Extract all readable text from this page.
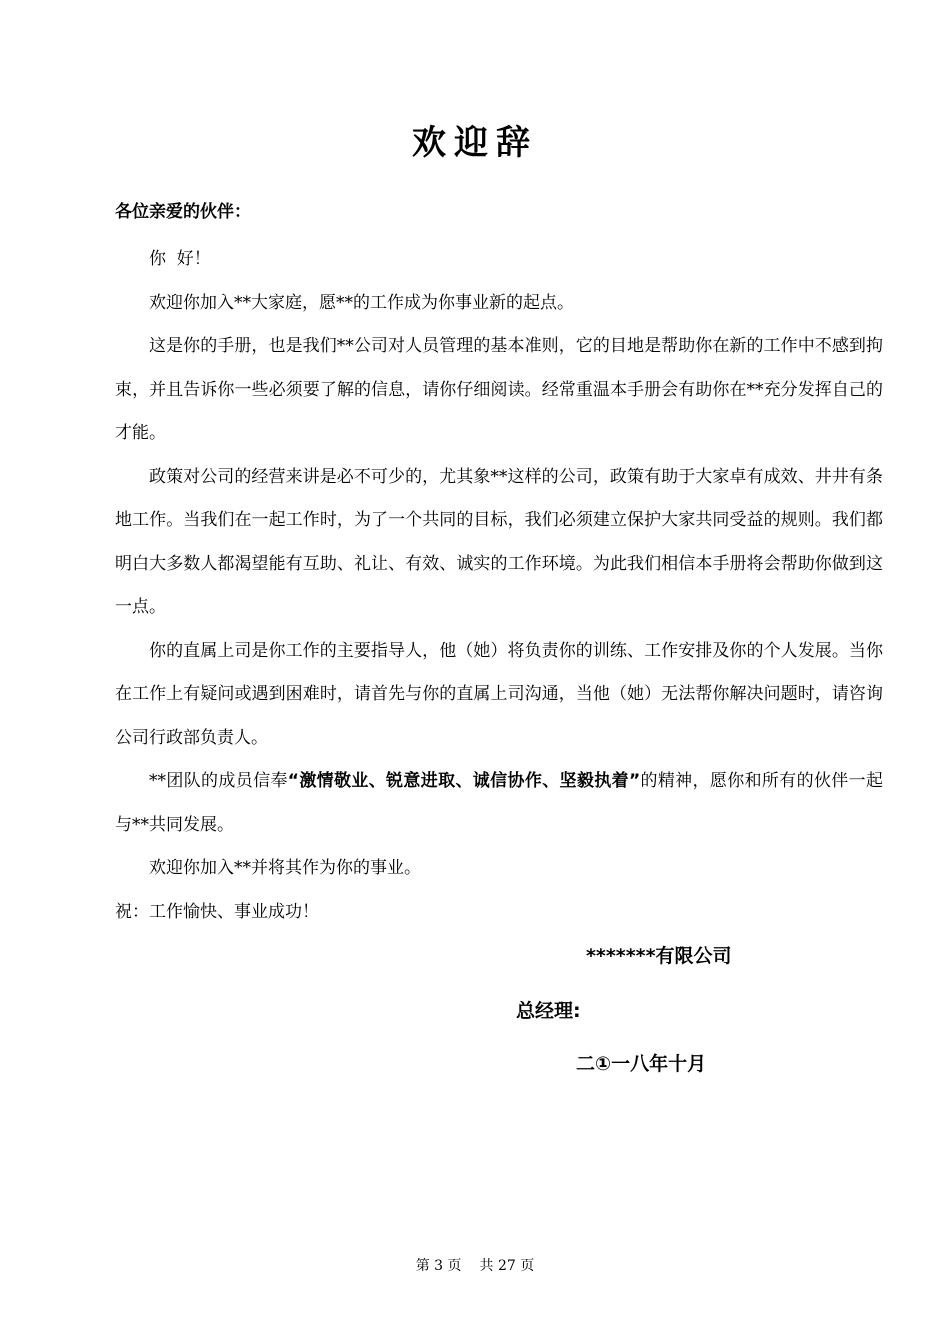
欢迎辞
各位亲爱的伙伴：

你  好！

欢迎你加入**大家庭，愿**的工作成为你事业新的起点。

这是你的手册，也是我们**公司对人员管理的基本准则，它的目地是帮助你在新的工作中不感到拘束，并且告诉你一些必须要了解的信息，请你仔细阅读。经常重温本手册会有助你在**充分发挥自己的才能。

政策对公司的经营来讲是必不可少的，尤其象**这样的公司，政策有助于大家卓有成效、井井有条地工作。当我们在一起工作时，为了一个共同的目标，我们必须建立保护大家共同受益的规则。我们都明白大多数人都渴望能有互助、礼让、有效、诚实的工作环境。为此我们相信本手册将会帮助你做到这一点。

你的直属上司是你工作的主要指导人，他（她）将负责你的训练、工作安排及你的个人发展。当你在工作上有疑问或遇到困难时，请首先与你的直属上司沟通，当他（她）无法帮你解决问题时，请咨询公司行政部负责人。

**团队的成员信奉“激情敬业、锐意进取、诚信协作、坚毅执着”的精神，愿你和所有的伙伴一起与**共同发展。

欢迎你加入**并将其作为你的事业。

祝：工作愉快、事业成功！

*******有限公司
总经理:
二①一八年十月
第 3 页 共 27 页
